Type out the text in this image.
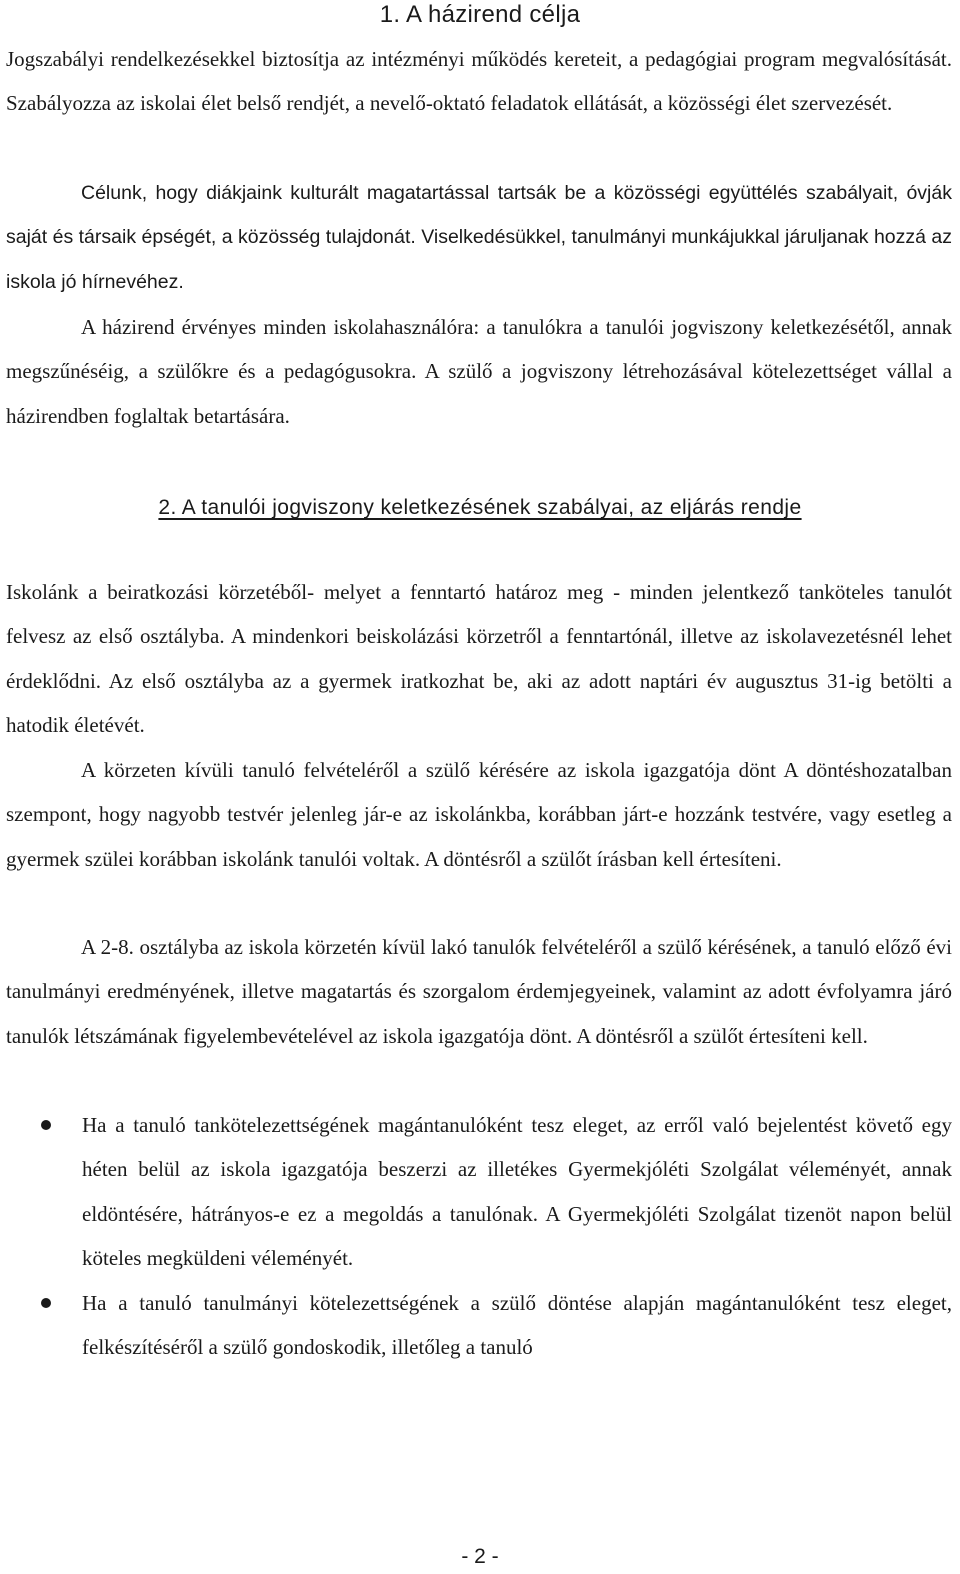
1. A házirend célja

Jogszabályi rendelkezésekkel biztosítja az intézményi működés kereteit, a pedagógiai program megvalósítását. Szabályozza az iskolai élet belső rendjét, a nevelő-oktató feladatok ellátását, a közösségi élet szervezését.

Célunk, hogy diákjaink kulturált magatartással tartsák be a közösségi együttélés szabályait, óvják saját és társaik épségét, a közösség tulajdonát. Viselkedésükkel, tanulmányi munkájukkal járuljanak hozzá az iskola jó hírnevéhez.

A házirend érvényes minden iskolahasználóra: a tanulókra a tanulói jogviszony keletkezésétől, annak megszűnéséig, a szülőkre és a pedagógusokra. A szülő a jogviszony létrehozásával kötelezettséget vállal a házirendben foglaltak betartására.

2. A tanulói jogviszony keletkezésének szabályai, az eljárás rendje

Iskolánk a beiratkozási körzetéből- melyet a fenntartó határoz meg - minden jelentkező tanköteles tanulót felvesz az első osztályba. A mindenkori beiskolázási körzetről a fenntartónál, illetve az iskolavezetésnél lehet érdeklődni. Az első osztályba az a gyermek iratkozhat be, aki az adott naptári év augusztus 31-ig betölti a hatodik életévét.

A körzeten kívüli tanuló felvételéről a szülő kérésére az iskola igazgatója dönt A döntéshozatalban szempont, hogy nagyobb testvér jelenleg jár-e az iskolánkba, korábban járt-e hozzánk testvére, vagy esetleg a gyermek szülei korábban iskolánk tanulói voltak. A döntésről a szülőt írásban kell értesíteni.

A 2-8. osztályba az iskola körzetén kívül lakó tanulók felvételéről a szülő kérésének, a tanuló előző évi tanulmányi eredményének, illetve magatartás és szorgalom érdemjegyeinek, valamint az adott évfolyamra járó tanulók létszámának figyelembevételével az iskola igazgatója dönt. A döntésről a szülőt értesíteni kell.

Ha a tanuló tankötelezettségének magántanulóként tesz eleget, az erről való bejelentést követő egy héten belül az iskola igazgatója beszerzi az illetékes Gyermekjóléti Szolgálat véleményét, annak eldöntésére, hátrányos-e ez a megoldás a tanulónak. A Gyermekjóléti Szolgálat tizenöt napon belül köteles megküldeni véleményét.
Ha a tanuló tanulmányi kötelezettségének a szülő döntése alapján magántanulóként tesz eleget, felkészítéséről a szülő gondoskodik, illetőleg a tanuló
- 2 -
